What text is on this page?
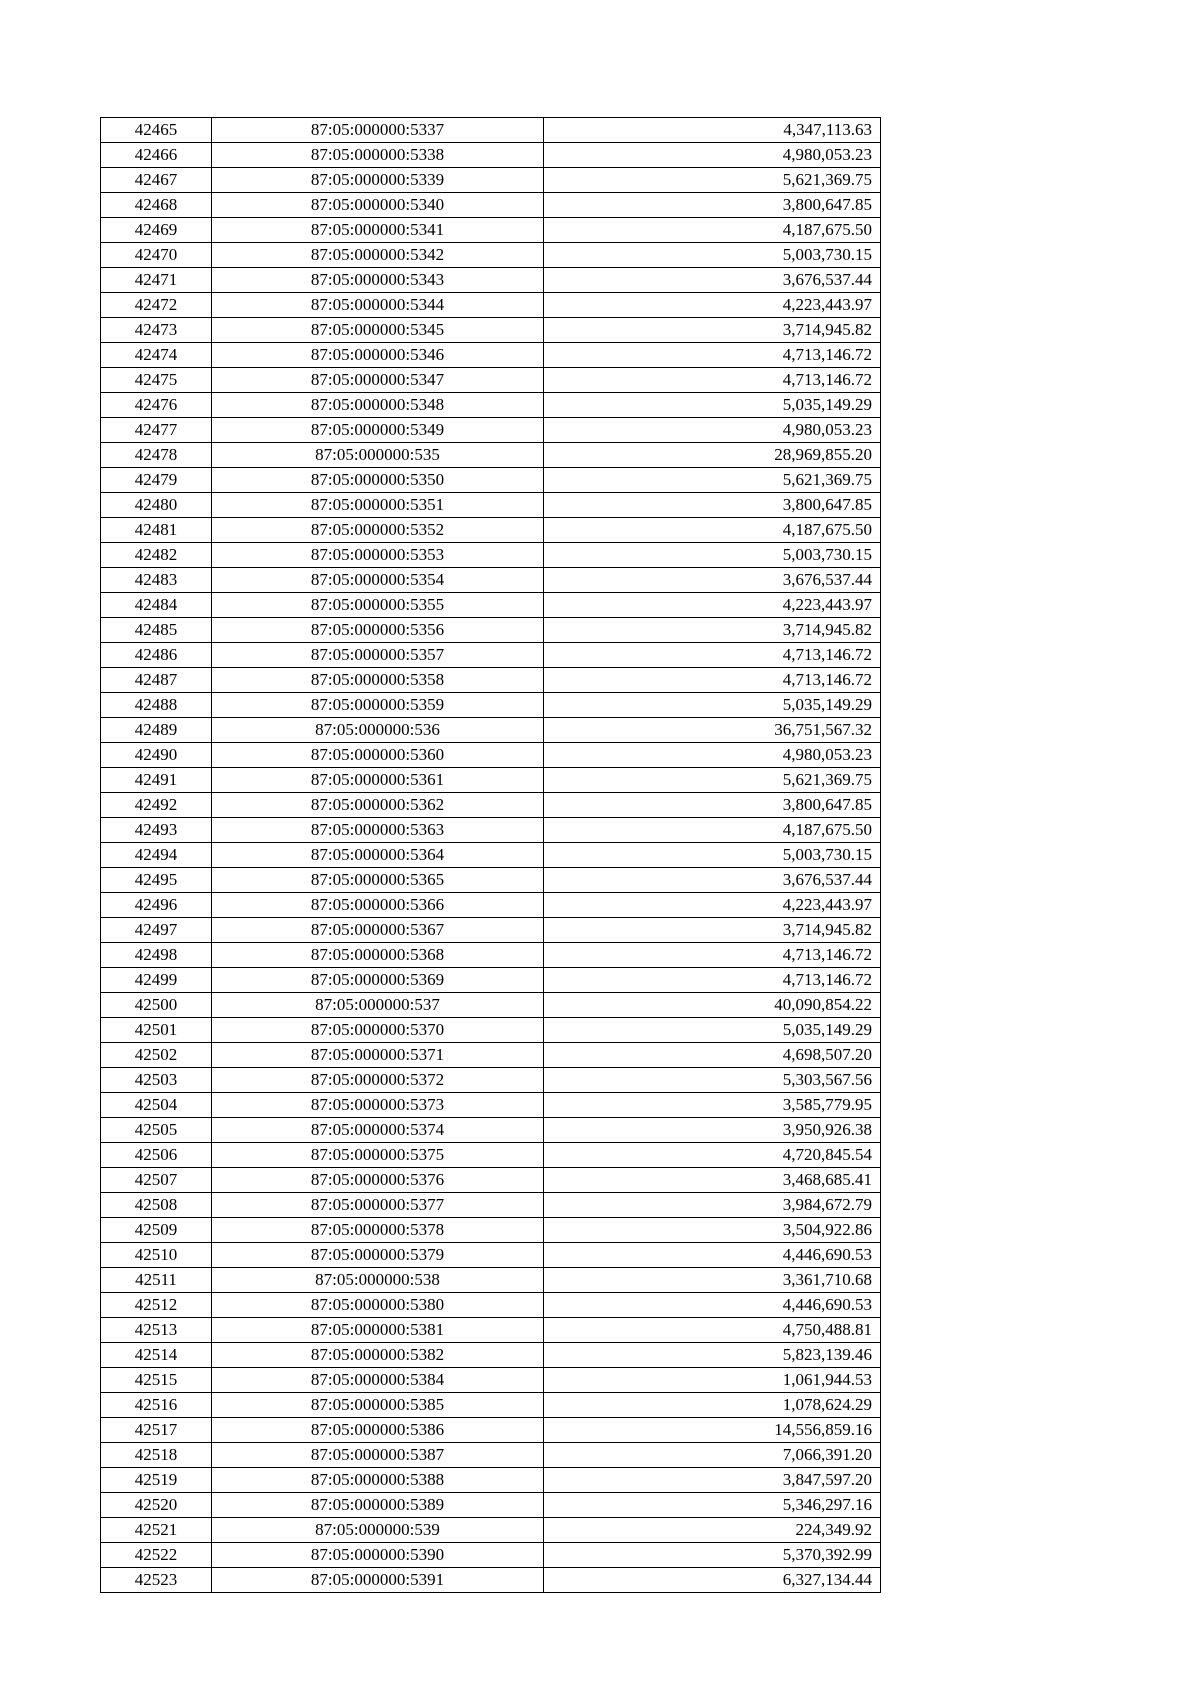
42465	87:05:000000:5337	4,347,113.63
42466	87:05:000000:5338	4,980,053.23
42467	87:05:000000:5339	5,621,369.75
42468	87:05:000000:5340	3,800,647.85
42469	87:05:000000:5341	4,187,675.50
42470	87:05:000000:5342	5,003,730.15
42471	87:05:000000:5343	3,676,537.44
42472	87:05:000000:5344	4,223,443.97
42473	87:05:000000:5345	3,714,945.82
42474	87:05:000000:5346	4,713,146.72
42475	87:05:000000:5347	4,713,146.72
42476	87:05:000000:5348	5,035,149.29
42477	87:05:000000:5349	4,980,053.23
42478	87:05:000000:535	28,969,855.20
42479	87:05:000000:5350	5,621,369.75
42480	87:05:000000:5351	3,800,647.85
42481	87:05:000000:5352	4,187,675.50
42482	87:05:000000:5353	5,003,730.15
42483	87:05:000000:5354	3,676,537.44
42484	87:05:000000:5355	4,223,443.97
42485	87:05:000000:5356	3,714,945.82
42486	87:05:000000:5357	4,713,146.72
42487	87:05:000000:5358	4,713,146.72
42488	87:05:000000:5359	5,035,149.29
42489	87:05:000000:536	36,751,567.32
42490	87:05:000000:5360	4,980,053.23
42491	87:05:000000:5361	5,621,369.75
42492	87:05:000000:5362	3,800,647.85
42493	87:05:000000:5363	4,187,675.50
42494	87:05:000000:5364	5,003,730.15
42495	87:05:000000:5365	3,676,537.44
42496	87:05:000000:5366	4,223,443.97
42497	87:05:000000:5367	3,714,945.82
42498	87:05:000000:5368	4,713,146.72
42499	87:05:000000:5369	4,713,146.72
42500	87:05:000000:537	40,090,854.22
42501	87:05:000000:5370	5,035,149.29
42502	87:05:000000:5371	4,698,507.20
42503	87:05:000000:5372	5,303,567.56
42504	87:05:000000:5373	3,585,779.95
42505	87:05:000000:5374	3,950,926.38
42506	87:05:000000:5375	4,720,845.54
42507	87:05:000000:5376	3,468,685.41
42508	87:05:000000:5377	3,984,672.79
42509	87:05:000000:5378	3,504,922.86
42510	87:05:000000:5379	4,446,690.53
42511	87:05:000000:538	3,361,710.68
42512	87:05:000000:5380	4,446,690.53
42513	87:05:000000:5381	4,750,488.81
42514	87:05:000000:5382	5,823,139.46
42515	87:05:000000:5384	1,061,944.53
42516	87:05:000000:5385	1,078,624.29
42517	87:05:000000:5386	14,556,859.16
42518	87:05:000000:5387	7,066,391.20
42519	87:05:000000:5388	3,847,597.20
42520	87:05:000000:5389	5,346,297.16
42521	87:05:000000:539	224,349.92
42522	87:05:000000:5390	5,370,392.99
42523	87:05:000000:5391	6,327,134.44
